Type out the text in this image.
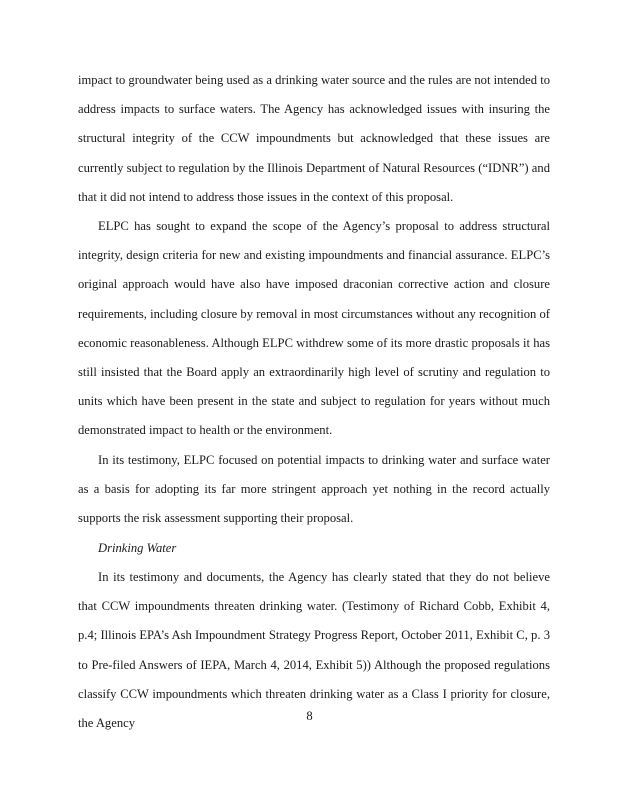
impact to groundwater being used as a drinking water source and the rules are not intended to address impacts to surface waters. The Agency has acknowledged issues with insuring the structural integrity of the CCW impoundments but acknowledged that these issues are currently subject to regulation by the Illinois Department of Natural Resources (“IDNR”) and that it did not intend to address those issues in the context of this proposal.

ELPC has sought to expand the scope of the Agency’s proposal to address structural integrity, design criteria for new and existing impoundments and financial assurance. ELPC’s original approach would have also have imposed draconian corrective action and closure requirements, including closure by removal in most circumstances without any recognition of economic reasonableness. Although ELPC withdrew some of its more drastic proposals it has still insisted that the Board apply an extraordinarily high level of scrutiny and regulation to units which have been present in the state and subject to regulation for years without much demonstrated impact to health or the environment.

In its testimony, ELPC focused on potential impacts to drinking water and surface water as a basis for adopting its far more stringent approach yet nothing in the record actually supports the risk assessment supporting their proposal.

Drinking Water

In its testimony and documents, the Agency has clearly stated that they do not believe that CCW impoundments threaten drinking water. (Testimony of Richard Cobb, Exhibit 4, p.4; Illinois EPA’s Ash Impoundment Strategy Progress Report, October 2011, Exhibit C, p. 3 to Pre-filed Answers of IEPA, March 4, 2014, Exhibit 5)) Although the proposed regulations classify CCW impoundments which threaten drinking water as a Class I priority for closure, the Agency

8
